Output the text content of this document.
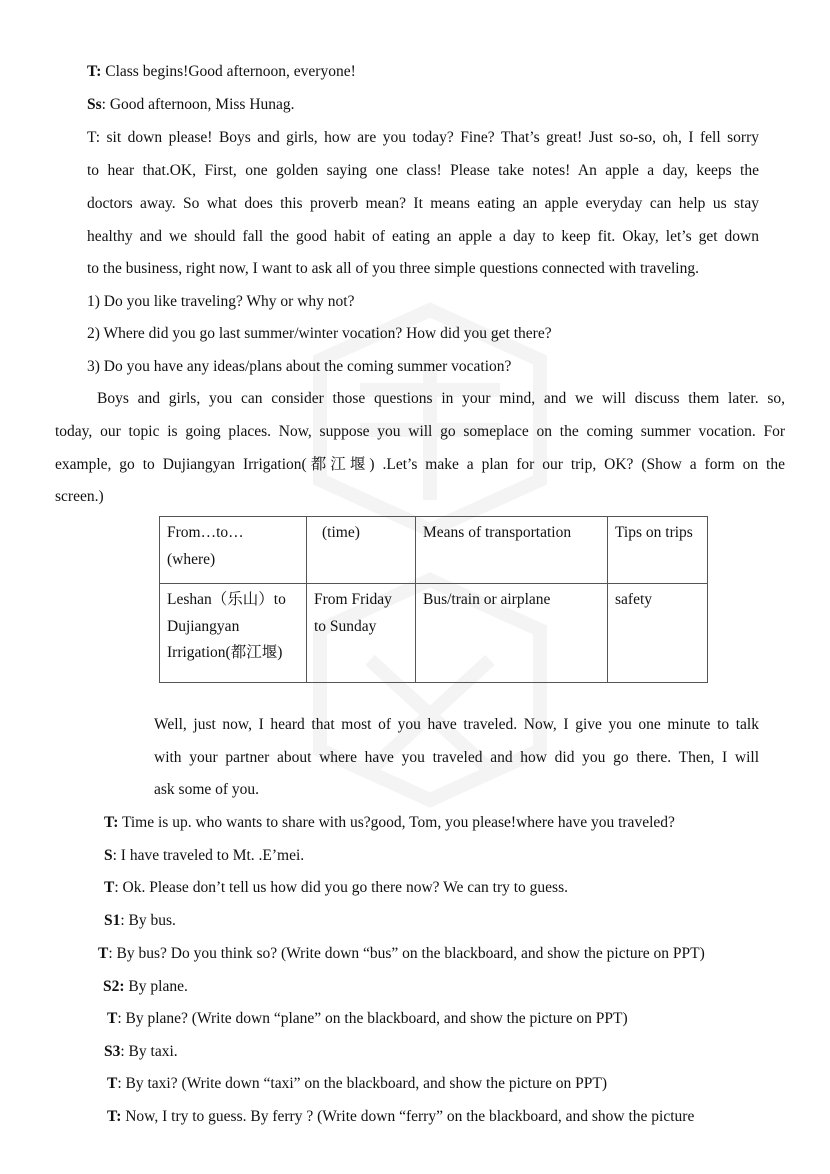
T: Class begins!Good afternoon, everyone!
Ss: Good afternoon, Miss Hunag.
T: sit down please! Boys and girls, how are you today? Fine? That’s great! Just so-so, oh, I fell sorry
to hear that.OK, First, one golden saying one class! Please take notes! An apple a day, keeps the
doctors away. So what does this proverb mean? It means eating an apple everyday can help us stay
healthy and we should fall the good habit of eating an apple a day to keep fit. Okay, let’s get down
to the business, right now, I want to ask all of you three simple questions connected with traveling.
1) Do you like traveling? Why or why not?
2) Where did you go last summer/winter vocation? How did you get there?
3) Do you have any ideas/plans about the coming summer vocation?
Boys and girls, you can consider those questions in your mind, and we will discuss them later. so,
today, our topic is going places. Now, suppose you will go someplace on the coming summer vocation. For
example, go to Dujiangyan Irrigation(都江堰) .Let’s make a plan for our trip, OK? (Show a form on the
screen.)
From…to…
(where)	(time)	Means of transportation	Tips on trips

Leshan（乐山）to
Dujiangyan
Irrigation(都江堰)	From Friday
to Sunday	Bus/train or airplane	safety
Well, just now, I heard that most of you have traveled. Now, I give you one minute to talk
with your partner about where have you traveled and how did you go there. Then, I will
ask some of you.
T: Time is up. who wants to share with us?good, Tom, you please!where have you traveled?
S: I have traveled to Mt. .E’mei.
T: Ok. Please don’t tell us how did you go there now? We can try to guess.
S1: By bus.
T: By bus? Do you think so? (Write down “bus” on the blackboard, and show the picture on PPT)
S2: By plane.
T: By plane? (Write down “plane” on the blackboard, and show the picture on PPT)
S3: By taxi.
T: By taxi? (Write down “taxi” on the blackboard, and show the picture on PPT)
T: Now, I try to guess. By ferry ? (Write down “ferry” on the blackboard, and show the picture
